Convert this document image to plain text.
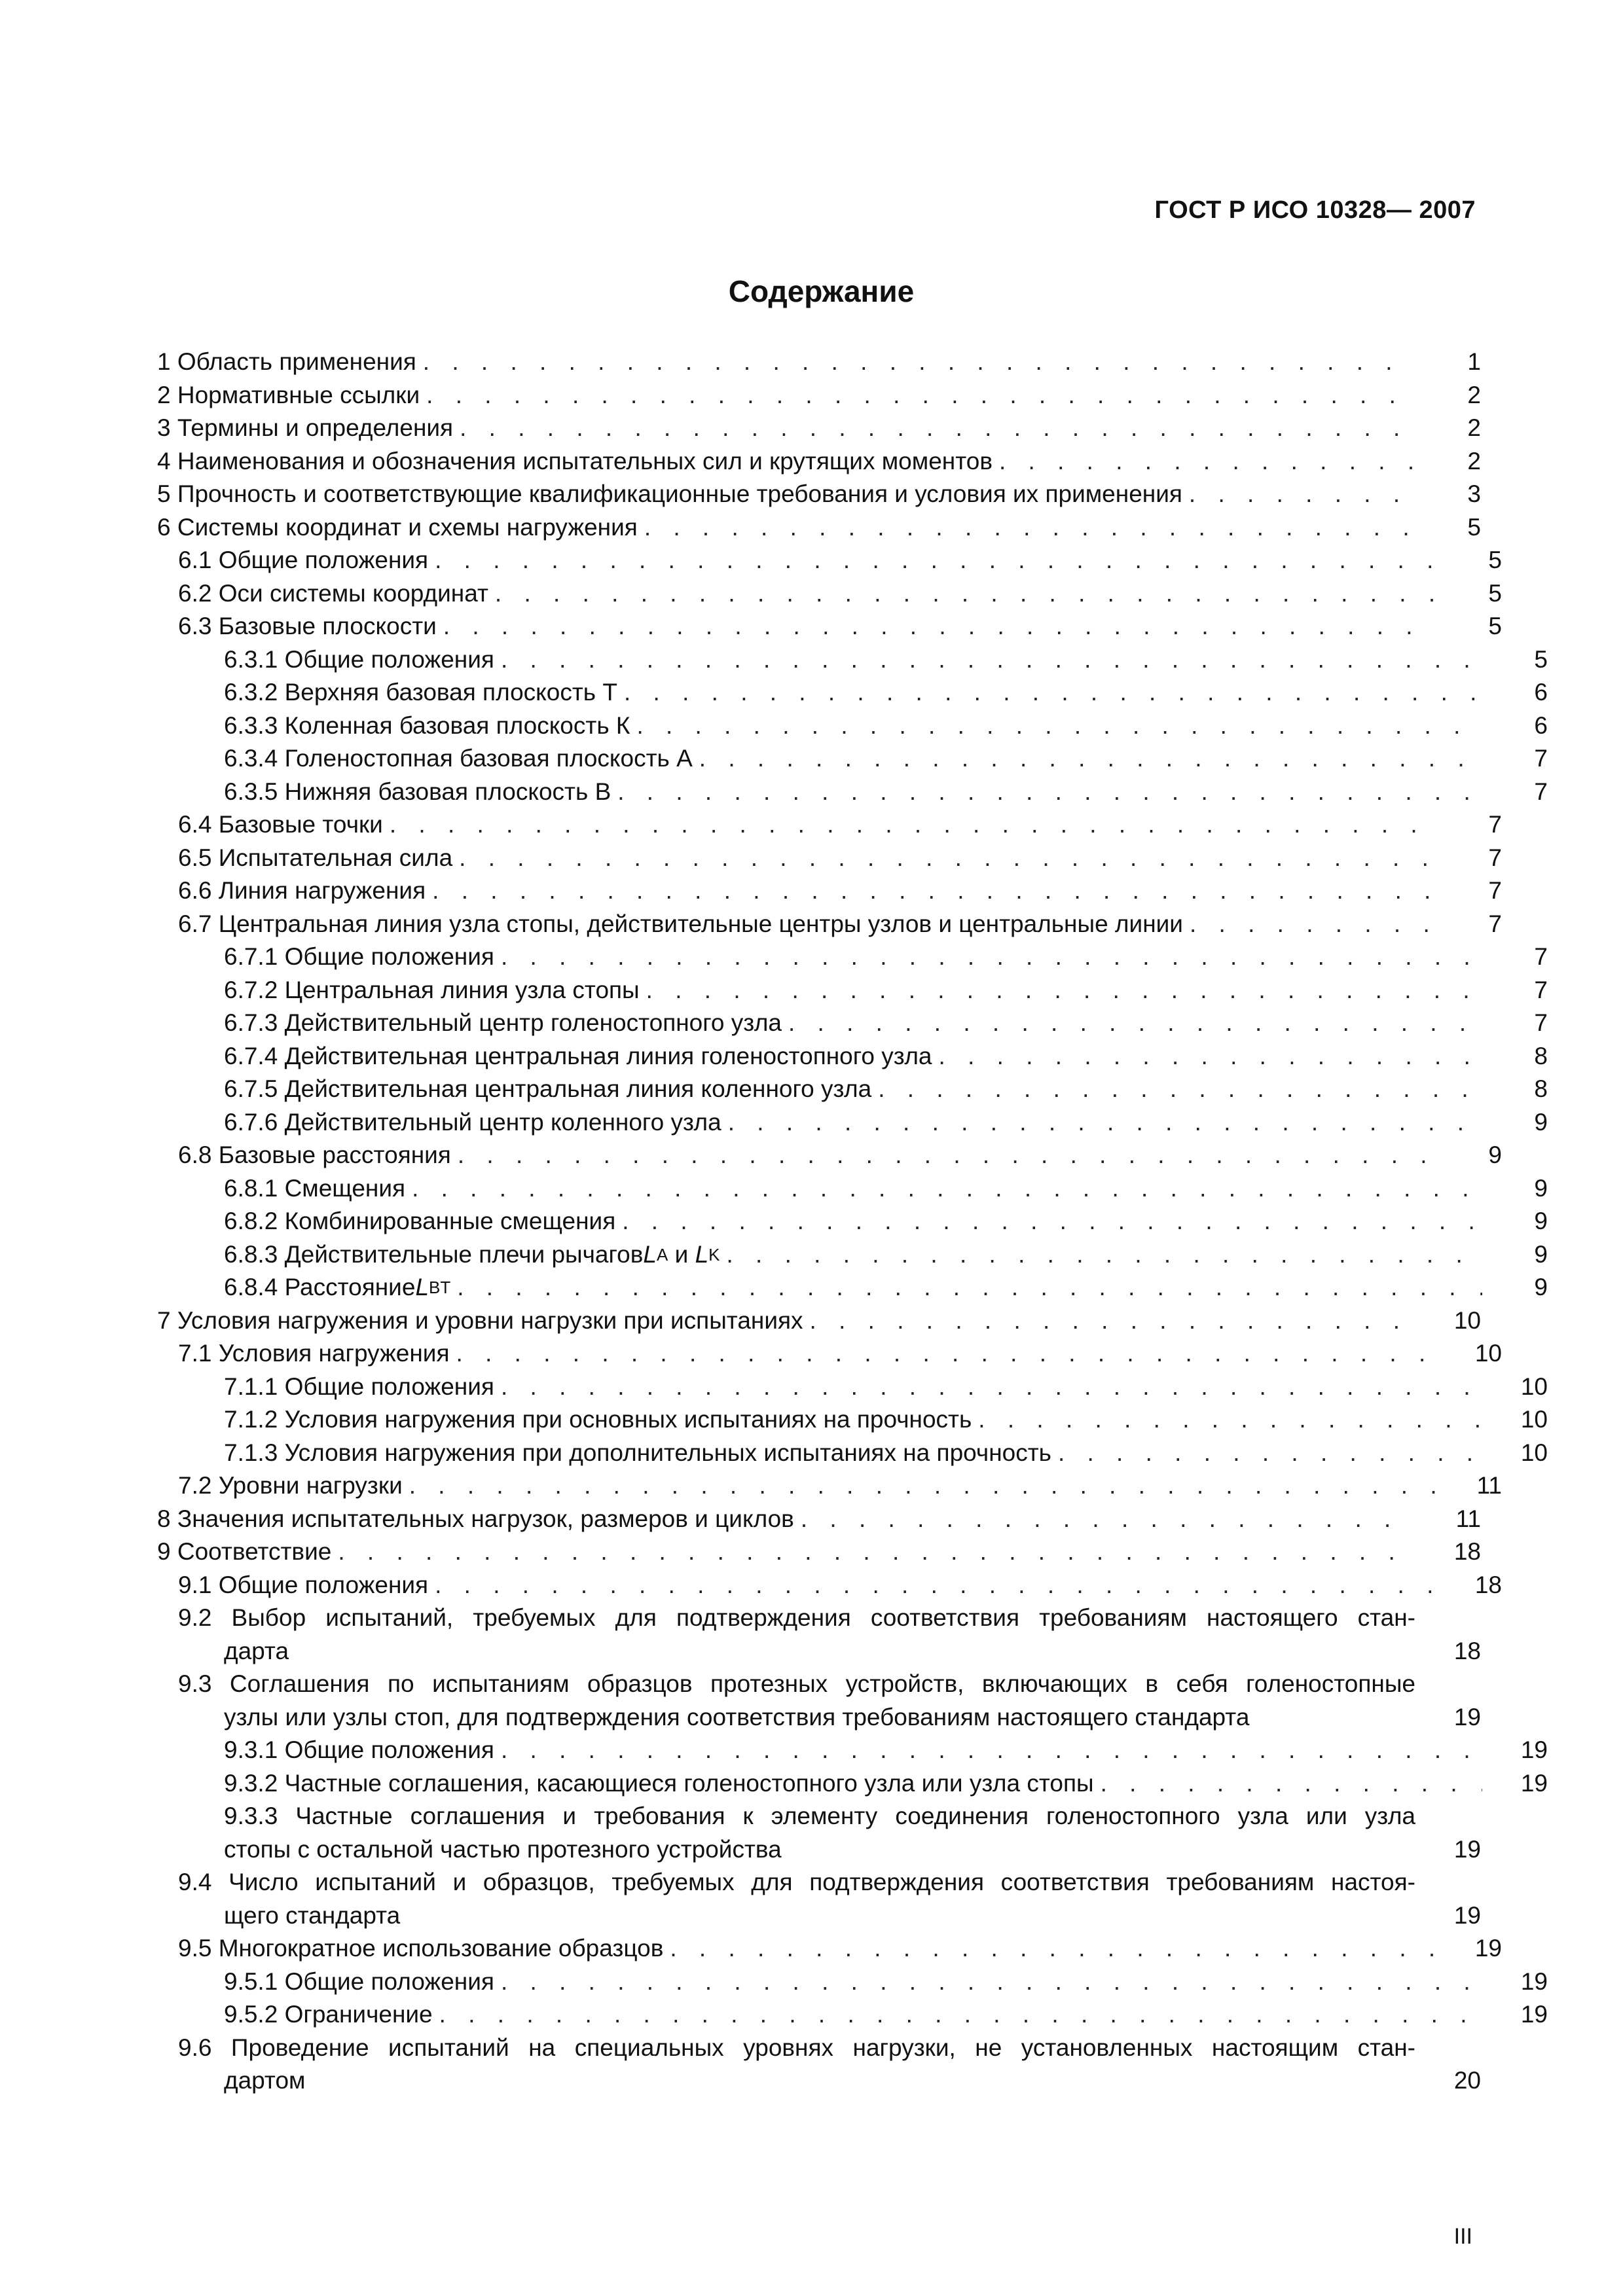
ГОСТ Р ИСО 10328— 2007
Содержание
1 Область применения . . .	1
2 Нормативные ссылки . . .	2
3 Термины и определения . . .	2
4 Наименования и обозначения испытательных сил и крутящих моментов . . .	2
5 Прочность и соответствующие квалификационные требования и условия их применения . . .	3
6 Системы координат и схемы нагружения . . .	5
6.1 Общие положения . . .	5
6.2 Оси системы координат . . .	5
6.3 Базовые плоскости . . .	5
6.3.1 Общие положения . . .	5
6.3.2 Верхняя базовая плоскость Т . . .	6
6.3.3 Коленная базовая плоскость К . . .	6
6.3.4 Голеностопная базовая плоскость А . . .	7
6.3.5 Нижняя базовая плоскость В . . .	7
6.4 Базовые точки . . .	7
6.5 Испытательная сила . . .	7
6.6 Линия нагружения . . .	7
6.7 Центральная линия узла стопы, действительные центры узлов и центральные линии . . .	7
6.7.1 Общие положения . . .	7
6.7.2 Центральная линия узла стопы . . .	7
6.7.3 Действительный центр голеностопного узла . . .	7
6.7.4 Действительная центральная линия голеностопного узла . . .	8
6.7.5 Действительная центральная линия коленного узла . . .	8
6.7.6 Действительный центр коленного узла . . .	9
6.8 Базовые расстояния . . .	9
6.8.1 Смещения . . .	9
6.8.2 Комбинированные смещения . . .	9
6.8.3 Действительные плечи рычагов L A и L K . . .	9
6.8.4 Расстояние L BT . . .	9
7 Условия нагружения и уровни нагрузки при испытаниях . . .	10
7.1 Условия нагружения . . .	10
7.1.1 Общие положения . . .	10
7.1.2 Условия нагружения при основных испытаниях на прочность . . .	10
7.1.3 Условия нагружения при дополнительных испытаниях на прочность . . .	10
7.2 Уровни нагрузки . . .	11
8 Значения испытательных нагрузок, размеров и циклов . . .	11
9 Соответствие . . .	18
9.1 Общие положения . . .	18
9.2 Выбор испытаний, требуемых для подтверждения соответствия требованиям настоящего стан-
дарта	18
9.3 Соглашения по испытаниям образцов протезных устройств, включающих в себя голеностопные
узлы или узлы стоп, для подтверждения соответствия требованиям настоящего стандарта	19
9.3.1 Общие положения . . .	19
9.3.2 Частные соглашения, касающиеся голеностопного узла или узла стопы . . .	19
9.3.3 Частные соглашения и требования к элементу соединения голеностопного узла или узла
стопы с остальной частью протезного устройства	19
9.4 Число испытаний и образцов, требуемых для подтверждения соответствия требованиям настоя-
щего стандарта	19
9.5 Многократное использование образцов . . .	19
9.5.1 Общие положения . . .	19
9.5.2 Ограничение . . .	19
9.6 Проведение испытаний на специальных уровнях нагрузки, не установленных настоящим стан-
дартом	20
III
